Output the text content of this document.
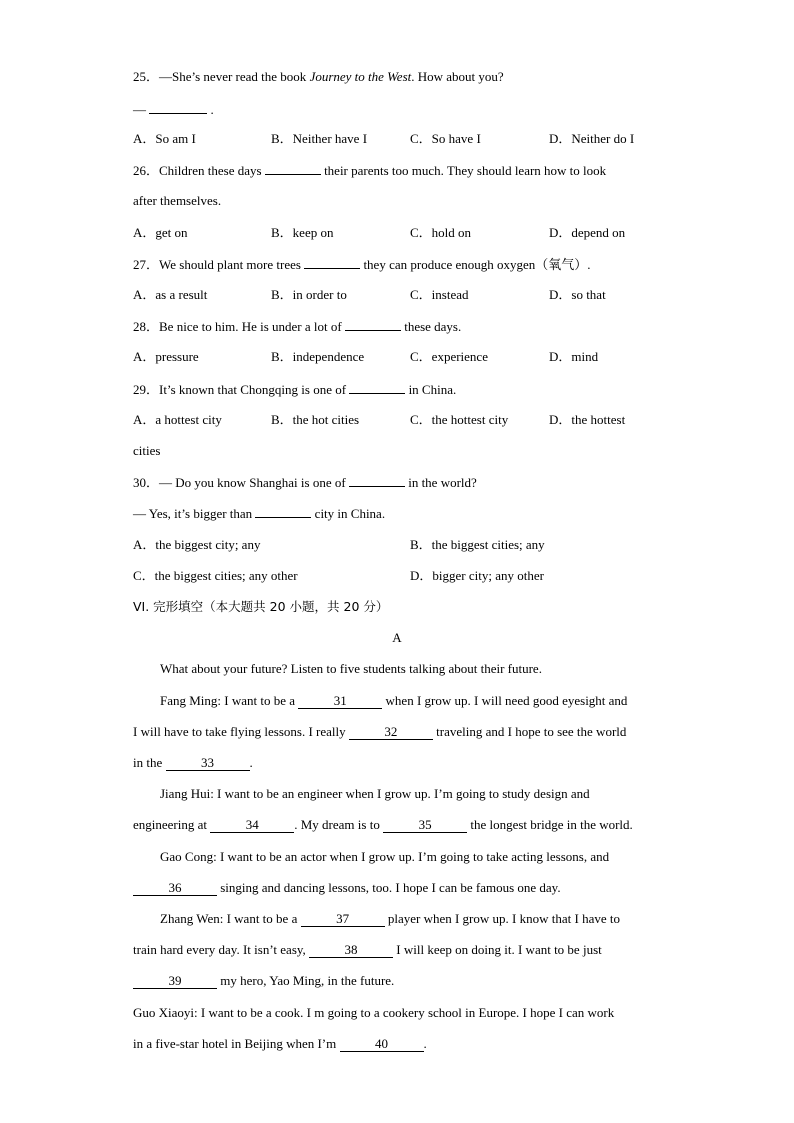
25．—She’s never read the book Journey to the West. How about you?
—	.
A．So am I	B．Neither have I	C．So have I	D．Neither do I
26．Children these days	their parents too much. They should learn how to look
after themselves.
A．get on	B．keep on	C．hold on	D．depend on
27．We should plant more trees	they can produce enough oxygen（氧气）.
A．as a result	B．in order to	C．instead	D．so that
28．Be nice to him. He is under a lot of	these days.
A．pressure	B．independence	C．experience	D．mind
29．It’s known that Chongqing is one of	in China.
A．a hottest city	B．the hot cities	C．the hottest city	D．the hottest
cities
30．— Do you know Shanghai is one of	in the world?
— Yes, it’s bigger than	city in China.
A．the biggest city; any	B．the biggest cities; any
C．the biggest cities; any other	D．bigger city; any other
VI. 完形填空（本大题共 20 小题，共 20 分）
A
What about your future? Listen to five students talking about their future.
Fang Ming: I want to be a	31	when I grow up. I will need good eyesight and
I will have to take flying lessons. I really	32	traveling and I hope to see the world
in the	33	.
Jiang Hui: I want to be an engineer when I grow up. I’m going to study design and
engineering at	34	. My dream is to	35	the longest bridge in the world.
Gao Cong: I want to be an actor when I grow up. I’m going to take acting lessons, and
36	singing and dancing lessons, too. I hope I can be famous one day.
Zhang Wen: I want to be a	37	player when I grow up. I know that I have to
train hard every day. It isn’t easy,	38	I will keep on doing it. I want to be just
39	my hero, Yao Ming, in the future.
Guo Xiaoyi: I want to be a cook. I m going to a cookery school in Europe. I hope I can work
in a five-star hotel in Beijing when I’m	40	.
